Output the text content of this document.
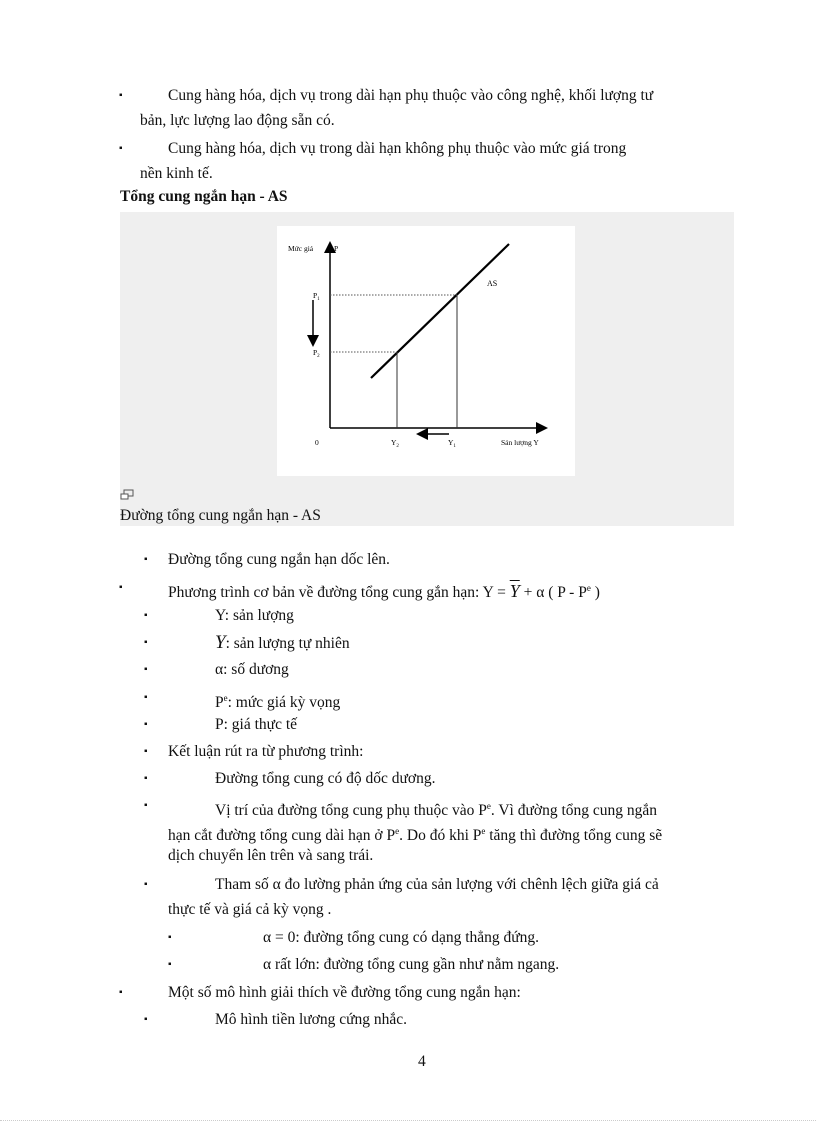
▪	Cung hàng hóa, dịch vụ trong dài hạn phụ thuộc vào công nghệ, khối lượng tư
bản, lực lượng lao động sẵn có.
▪	Cung hàng hóa, dịch vụ trong dài hạn không phụ thuộc vào mức giá trong
nền kinh tế.
Tổng cung ngắn hạn - AS
Mức giá	P
AS
$P_1$
$P_2$
0	$Y_2$	$Y_1$	Sản lượng Y
Đường tổng cung ngắn hạn - AS
▪ Đường tổng cung ngắn hạn dốc lên.
▪	Phương trình cơ bản về đường tổng cung gắn hạn: $Y = \overline{Y} + \alpha$ ( P - $P^e$ )
▪	Y: sản lượng
▪	Y: sản lượng tự nhiên
▪	α: số dương
▪	$P^e$: mức giá kỳ vọng
▪	P: giá thực tế
▪ Kết luận rút ra từ phương trình:
▪	Đường tổng cung có độ dốc dương.
▪	Vị trí của đường tổng cung phụ thuộc vào $P^e$. Vì đường tổng cung ngắn
hạn cắt đường tổng cung dài hạn ở $P^e$. Do đó khi $P^e$ tăng thì đường tổng cung sẽ
dịch chuyển lên trên và sang trái.
▪	Tham số α đo lường phản ứng của sản lượng với chênh lệch giữa giá cả
thực tế và giá cả kỳ vọng .
▪	α = 0: đường tổng cung có dạng thẳng đứng.
▪	α rất lớn: đường tổng cung gần như nằm ngang.
▪	Một số mô hình giải thích về đường tổng cung ngắn hạn:
▪	Mô hình tiền lương cứng nhắc.
4
